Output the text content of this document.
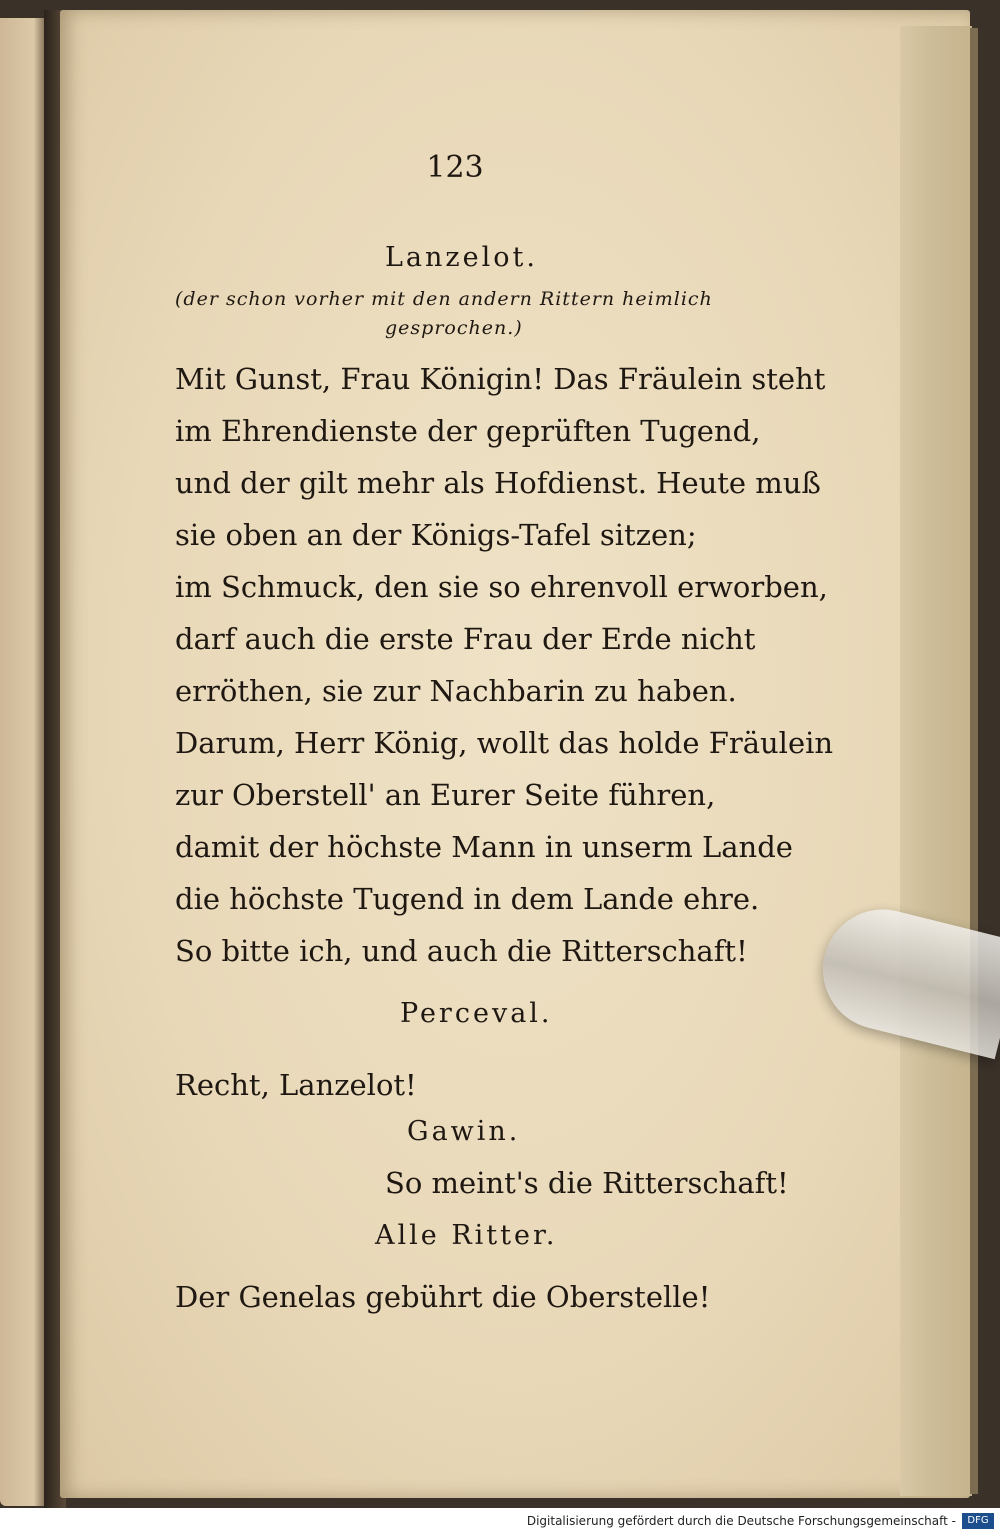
123
Lanzelot.
(der schon vorher mit den andern Rittern heimlich
gesprochen.)
Mit Gunst, Frau Königin! Das Fräulein steht
im Ehrendienste der geprüften Tugend,
und der gilt mehr als Hofdienst. Heute muß
sie oben an der Königs-Tafel sitzen;
im Schmuck, den sie so ehrenvoll erworben,
darf auch die erste Frau der Erde nicht
erröthen, sie zur Nachbarin zu haben.
Darum, Herr König, wollt das holde Fräulein
zur Oberstell' an Eurer Seite führen,
damit der höchste Mann in unserm Lande
die höchste Tugend in dem Lande ehre.
So bitte ich, und auch die Ritterschaft!
Perceval.
Recht, Lanzelot!
Gawin.
So meint's die Ritterschaft!
Alle Ritter.
Der Genelas gebührt die Oberstelle!
Digitalisierung gefördert durch die Deutsche Forschungsgemeinschaft -	DFG
